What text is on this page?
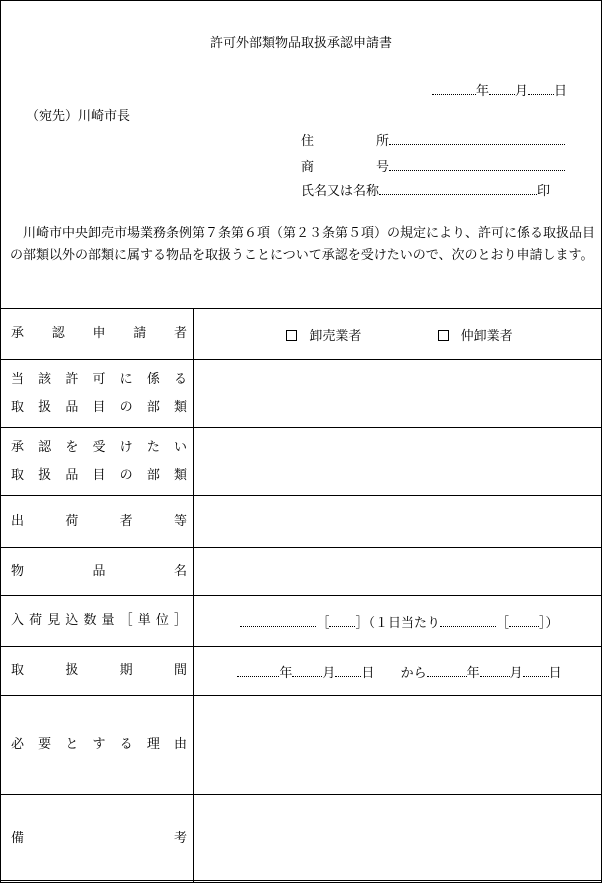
許可外部類物品取扱承認申請書
年 月 日
（宛先）川崎市長
住	所
商	号
氏名又は名称	印
川崎市中央卸売市場業務条例第７条第６項（第２３条第５項）の規定により、許可に係る取扱品目の部類以外の部類に属する物品を取扱うことについて承認を受けたいので、次のとおり申請します。
承認申請者	卸売業者 仲卸業者

当該許可に係る
取扱品目の部類	

承認を受けたい
取扱品目の部類	

出荷者等	

物品名	

入荷見込数量［単位］	［ ］（１日当たり ［ ］）

取扱期間	年 月 日 から 年 月 日

必要とする理由	

備考	
